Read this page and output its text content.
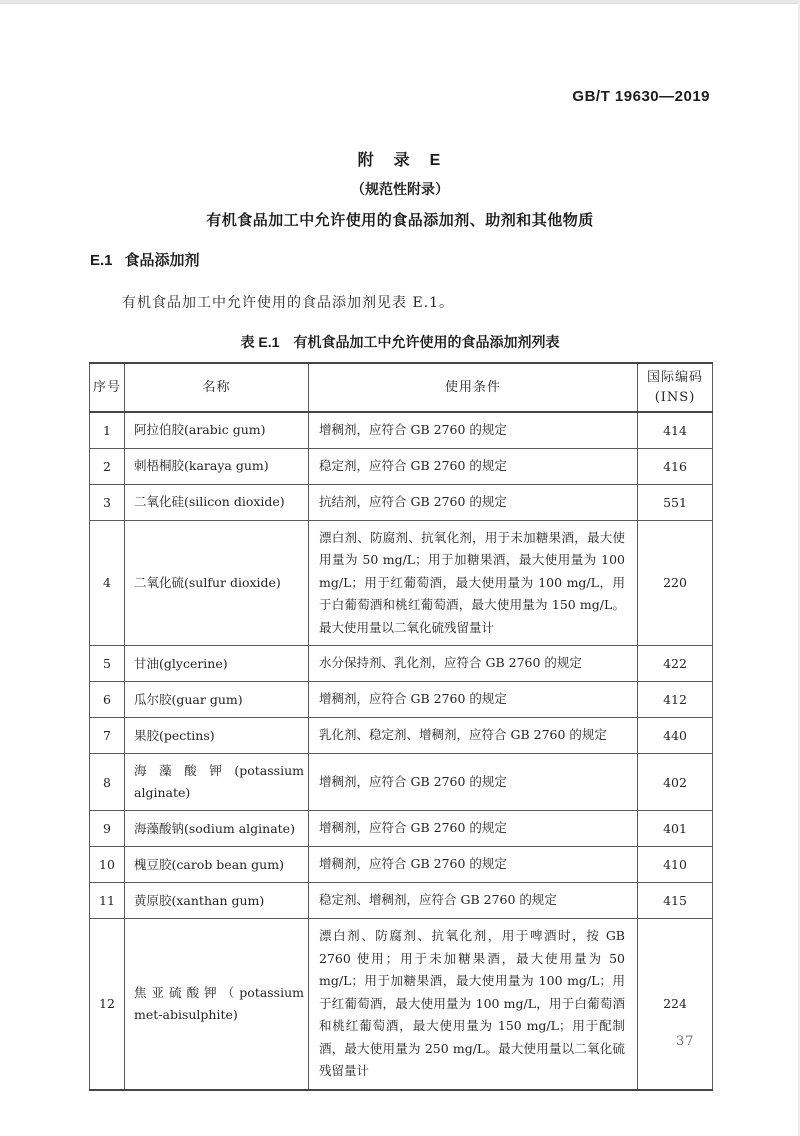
GB/T 19630—2019
附　录　E
（规范性附录）
有机食品加工中允许使用的食品添加剂、助剂和其他物质
E.1 食品添加剂
有机食品加工中允许使用的食品添加剂见表 E.1。
表 E.1 有机食品加工中允许使用的食品添加剂列表
序号	名称	使用条件	国际编码
(INS)

1	阿拉伯胶(arabic gum)	增稠剂，应符合 GB 2760 的规定	414
2	刺梧桐胶(karaya gum)	稳定剂，应符合 GB 2760 的规定	416
3	二氧化硅(silicon dioxide)	抗结剂，应符合 GB 2760 的规定	551
4	二氧化硫(sulfur dioxide)	漂白剂、防腐剂、抗氧化剂，用于未加糖果酒，最大使用量为 50 mg/L；用于加糖果酒，最大使用量为 100 mg/L；用于红葡萄酒，最大使用量为 100 mg/L，用于白葡萄酒和桃红葡萄酒，最大使用量为 150 mg/L。最大使用量以二氧化硫残留量计	220
5	甘油(glycerine)	水分保持剂、乳化剂，应符合 GB 2760 的规定	422
6	瓜尔胶(guar gum)	增稠剂，应符合 GB 2760 的规定	412
7	果胶(pectins)	乳化剂、稳定剂、增稠剂，应符合 GB 2760 的规定	440
8	海藻酸钾(potassium alginate)	增稠剂，应符合 GB 2760 的规定	402
9	海藻酸钠(sodium alginate)	增稠剂，应符合 GB 2760 的规定	401
10	槐豆胶(carob bean gum)	增稠剂，应符合 GB 2760 的规定	410
11	黄原胶(xanthan gum)	稳定剂、增稠剂，应符合 GB 2760 的规定	415
12	焦亚硫酸钾（potassium met-abisulphite)	漂白剂、防腐剂、抗氧化剂，用于啤酒时，按 GB 2760 使用；用于未加糖果酒，最大使用量为 50 mg/L；用于加糖果酒，最大使用量为 100 mg/L；用于红葡萄酒，最大使用量为 100 mg/L，用于白葡萄酒和桃红葡萄酒，最大使用量为 150 mg/L；用于配制酒，最大使用量为 250 mg/L。最大使用量以二氧化硫残留量计	224
37
